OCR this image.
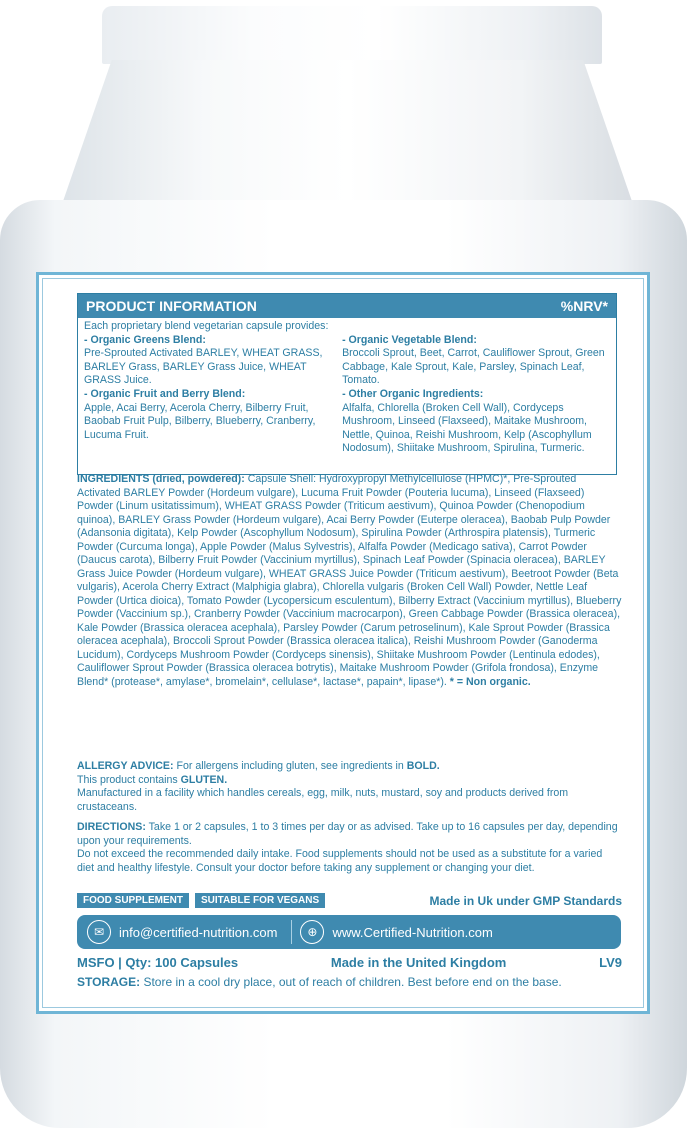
PRODUCT INFORMATION	%NRV*
Each proprietary blend vegetarian capsule provides:
- Organic Greens Blend:
Pre-Sprouted Activated BARLEY, WHEAT GRASS, BARLEY Grass, BARLEY Grass Juice, WHEAT GRASS Juice.
- Organic Fruit and Berry Blend:
Apple, Acai Berry, Acerola Cherry, Bilberry Fruit, Baobab Fruit Pulp, Bilberry, Blueberry, Cranberry, Lucuma Fruit.
- Organic Vegetable Blend:
Broccoli Sprout, Beet, Carrot, Cauliflower Sprout, Green Cabbage, Kale Sprout, Kale, Parsley, Spinach Leaf, Tomato.
- Other Organic Ingredients:
Alfalfa, Chlorella (Broken Cell Wall), Cordyceps Mushroom, Linseed (Flaxseed), Maitake Mushroom, Nettle, Quinoa, Reishi Mushroom, Kelp (Ascophyllum Nodosum), Shiitake Mushroom, Spirulina, Turmeric.
INGREDIENTS (dried, powdered): Capsule Shell: Hydroxypropyl Methylcellulose (HPMC)*, Pre-Sprouted Activated BARLEY Powder (Hordeum vulgare), Lucuma Fruit Powder (Pouteria lucuma), Linseed (Flaxseed) Powder (Linum usitatissimum), WHEAT GRASS Powder (Triticum aestivum), Quinoa Powder (Chenopodium quinoa), BARLEY Grass Powder (Hordeum vulgare), Acai Berry Powder (Euterpe oleracea), Baobab Pulp Powder (Adansonia digitata), Kelp Powder (Ascophyllum Nodosum), Spirulina Powder (Arthrospira platensis), Turmeric Powder (Curcuma longa), Apple Powder (Malus Sylvestris), Alfalfa Powder (Medicago sativa), Carrot Powder (Daucus carota), Bilberry Fruit Powder (Vaccinium myrtillus), Spinach Leaf Powder (Spinacia oleracea), BARLEY Grass Juice Powder (Hordeum vulgare), WHEAT GRASS Juice Powder (Triticum aestivum), Beetroot Powder (Beta vulgaris), Acerola Cherry Extract (Malphigia glabra), Chlorella vulgaris (Broken Cell Wall) Powder, Nettle Leaf Powder (Urtica dioica), Tomato Powder (Lycopersicum esculentum), Bilberry Extract (Vaccinium myrtillus), Blueberry Powder (Vaccinium sp.), Cranberry Powder (Vaccinium macrocarpon), Green Cabbage Powder (Brassica oleracea), Kale Powder (Brassica oleracea acephala), Parsley Powder (Carum petroselinum), Kale Sprout Powder (Brassica oleracea acephala), Broccoli Sprout Powder (Brassica oleracea italica), Reishi Mushroom Powder (Ganoderma Lucidum), Cordyceps Mushroom Powder (Cordyceps sinensis), Shiitake Mushroom Powder (Lentinula edodes), Cauliflower Sprout Powder (Brassica oleracea botrytis), Maitake Mushroom Powder (Grifola frondosa), Enzyme Blend* (protease*, amylase*, bromelain*, cellulase*, lactase*, papain*, lipase*). * = Non organic.
ALLERGY ADVICE: For allergens including gluten, see ingredients in BOLD.
This product contains GLUTEN.
Manufactured in a facility which handles cereals, egg, milk, nuts, mustard, soy and products derived from crustaceans.
DIRECTIONS: Take 1 or 2 capsules, 1 to 3 times per day or as advised. Take up to 16 capsules per day, depending upon your requirements.
Do not exceed the recommended daily intake. Food supplements should not be used as a substitute for a varied diet and healthy lifestyle. Consult your doctor before taking any supplement or changing your diet.
FOOD SUPPLEMENT	SUITABLE FOR VEGANS	Made in Uk under GMP Standards
✉	info@certified-nutrition.com	⊕	www.Certified-Nutrition.com
MSFO | Qty: 100 Capsules	Made in the United Kingdom	LV9
STORAGE: Store in a cool dry place, out of reach of children. Best before end on the base.
